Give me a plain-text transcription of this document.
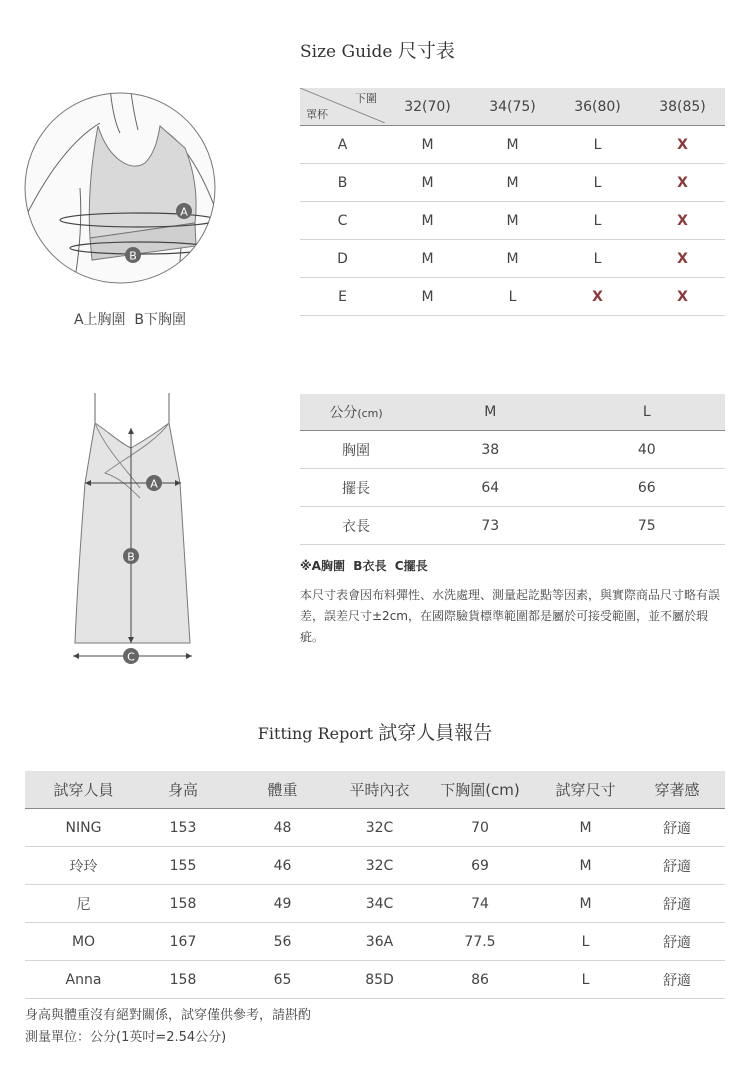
Size Guide 尺寸表
A
B
A上胸圍  B下胸圍
下圍
罩杯	32(70)	34(75)	36(80)	38(85)
A	M	M	L	X
B	M	M	L	X
C	M	M	L	X
D	M	M	L	X
E	M	L	X	X
A
B
C
公分(cm)	M	L
胸圍	38	40
擺長	64	66
衣長	73	75
※A胸圍  B衣長  C擺長
本尺寸表會因布料彈性、水洗處理、測量起訖點等因素，與實際商品尺寸略有誤差，誤差尺寸±2cm，在國際驗貨標準範圍都是屬於可接受範圍，並不屬於瑕疵。
Fitting Report 試穿人員報告
試穿人員	身高	體重	平時內衣	下胸圍(cm)	試穿尺寸	穿著感
NING	153	48	32C	70	M	舒適
玲玲	155	46	32C	69	M	舒適
尼	158	49	34C	74	M	舒適
MO	167	56	36A	77.5	L	舒適
Anna	158	65	85D	86	L	舒適
身高與體重沒有絕對關係，試穿僅供參考，請斟酌
測量單位：公分(1英吋=2.54公分)
